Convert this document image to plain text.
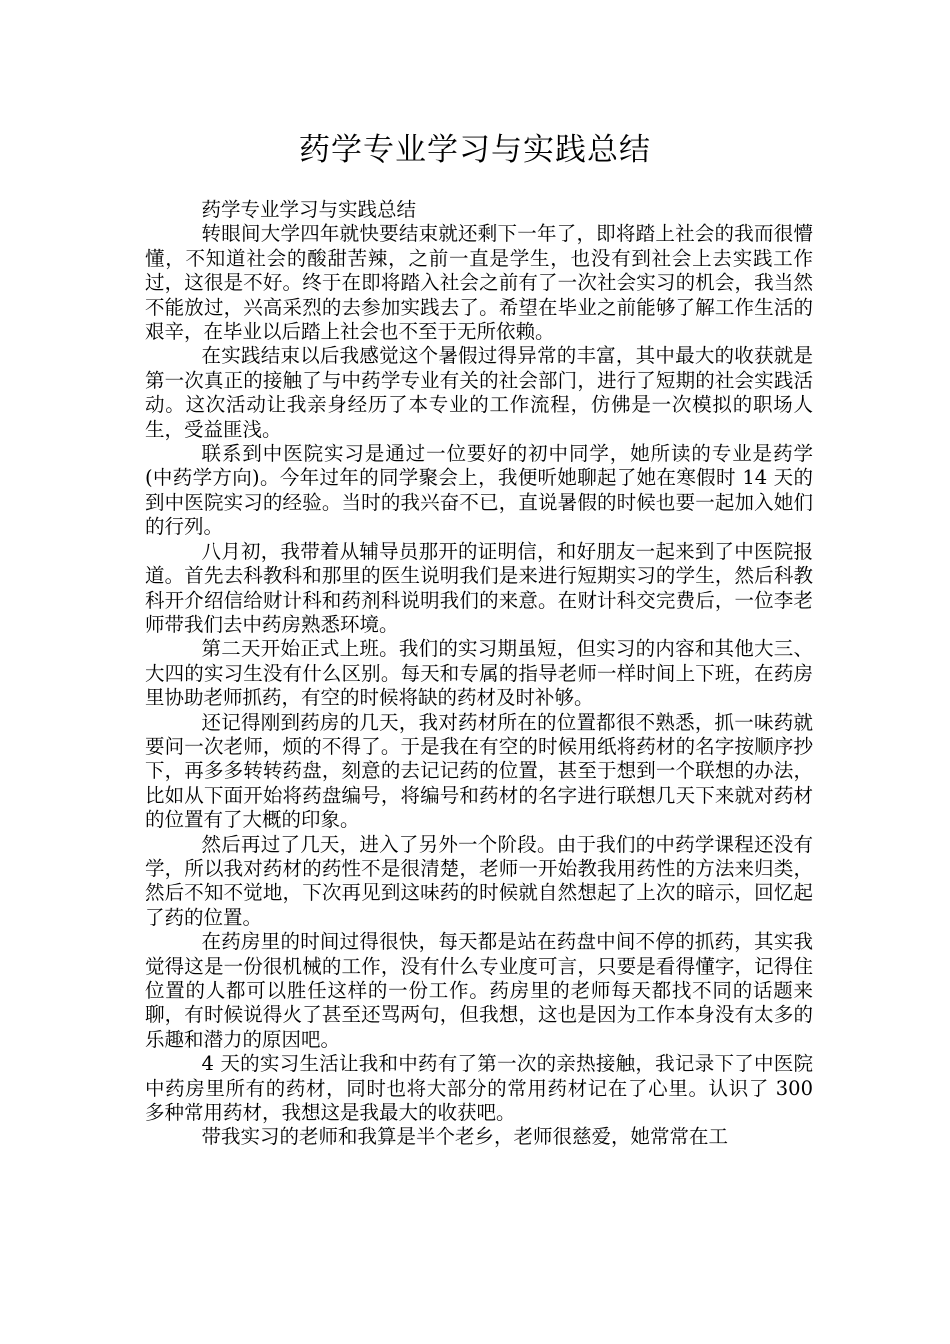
药学专业学习与实践总结

药学专业学习与实践总结

转眼间大学四年就快要结束就还剩下一年了，即将踏上社会的我而很懵懂，不知道社会的酸甜苦辣，之前一直是学生，也没有到社会上去实践工作过，这很是不好。终于在即将踏入社会之前有了一次社会实习的机会，我当然不能放过，兴高采烈的去参加实践去了。希望在毕业之前能够了解工作生活的艰辛，在毕业以后踏上社会也不至于无所依赖。

在实践结束以后我感觉这个暑假过得异常的丰富，其中最大的收获就是第一次真正的接触了与中药学专业有关的社会部门，进行了短期的社会实践活动。这次活动让我亲身经历了本专业的工作流程，仿佛是一次模拟的职场人生，受益匪浅。

联系到中医院实习是通过一位要好的初中同学，她所读的专业是药学(中药学方向)。今年过年的同学聚会上，我便听她聊起了她在寒假时 14 天的到中医院实习的经验。当时的我兴奋不已，直说暑假的时候也要一起加入她们的行列。

八月初，我带着从辅导员那开的证明信，和好朋友一起来到了中医院报道。首先去科教科和那里的医生说明我们是来进行短期实习的学生，然后科教科开介绍信给财计科和药剂科说明我们的来意。在财计科交完费后，一位李老师带我们去中药房熟悉环境。

第二天开始正式上班。我们的实习期虽短，但实习的内容和其他大三、大四的实习生没有什么区别。每天和专属的指导老师一样时间上下班，在药房里协助老师抓药，有空的时候将缺的药材及时补够。

还记得刚到药房的几天，我对药材所在的位置都很不熟悉，抓一味药就要问一次老师，烦的不得了。于是我在有空的时候用纸将药材的名字按顺序抄下，再多多转转药盘，刻意的去记记药的位置，甚至于想到一个联想的办法，比如从下面开始将药盘编号，将编号和药材的名字进行联想几天下来就对药材的位置有了大概的印象。

然后再过了几天，进入了另外一个阶段。由于我们的中药学课程还没有学，所以我对药材的药性不是很清楚，老师一开始教我用药性的方法来归类，然后不知不觉地，下次再见到这味药的时候就自然想起了上次的暗示，回忆起了药的位置。

在药房里的时间过得很快，每天都是站在药盘中间不停的抓药，其实我觉得这是一份很机械的工作，没有什么专业度可言，只要是看得懂字，记得住位置的人都可以胜任这样的一份工作。药房里的老师每天都找不同的话题来聊，有时候说得火了甚至还骂两句，但我想，这也是因为工作本身没有太多的乐趣和潜力的原因吧。

4 天的实习生活让我和中药有了第一次的亲热接触，我记录下了中医院中药房里所有的药材，同时也将大部分的常用药材记在了心里。认识了 300 多种常用药材，我想这是我最大的收获吧。

带我实习的老师和我算是半个老乡，老师很慈爱，她常常在工
